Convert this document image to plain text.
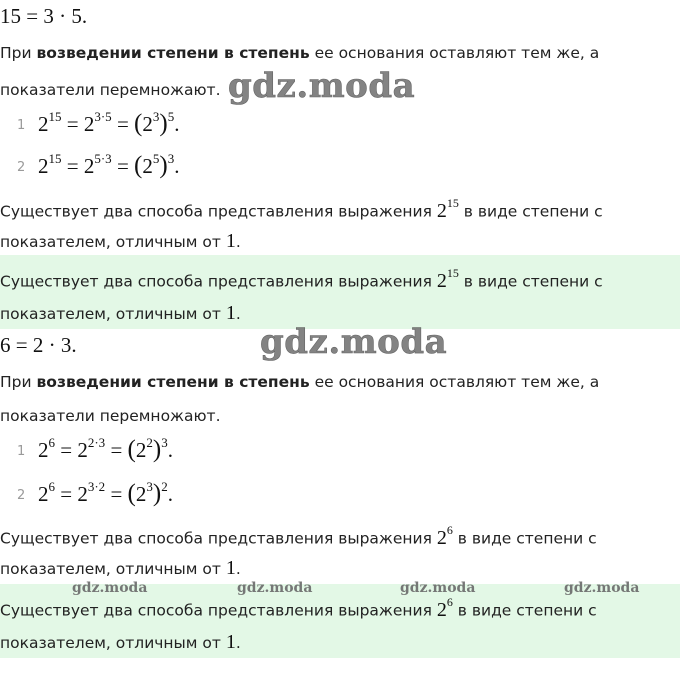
15 = 3 · 5.
При возведении степени в степень ее основания оставляют тем же, а
показатели перемножают. gdz.moda
1 $2^{15} = 2^{3\cdot 5} = (2^3)^5$.
2 $2^{15} = 2^{5\cdot 3} = (2^5)^3$.
Существует два способа представления выражения $2^{15}$ в виде степени с
показателем, отличным от 1.
Существует два способа представления выражения $2^{15}$ в виде степени с
показателем, отличным от 1.
6 = 2 · 3.	gdz.moda
При возведении степени в степень ее основания оставляют тем же, а
показатели перемножают.
1 $2^6 = 2^{2\cdot 3} = (2^2)^3$.
2 $2^6 = 2^{3\cdot 2} = (2^3)^2$.
Существует два способа представления выражения $2^6$ в виде степени с
показателем, отличным от 1.
Существует два способа представления выражения $2^6$ в виде степени с
показателем, отличным от 1.
gdz.moda	gdz.moda	gdz.moda	gdz.moda
